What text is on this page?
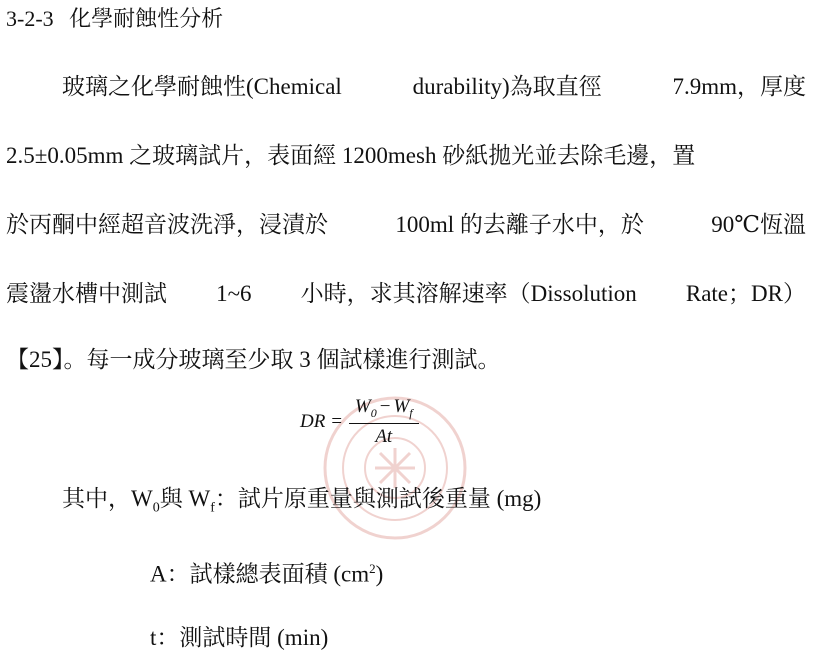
3-2-3 化學耐蝕性分析
玻璃之化學耐蝕性(Chemical	durability)為取直徑	7.9mm，厚度
2.5±0.05mm 之玻璃試片，表面經 1200mesh 砂紙拋光並去除毛邊，置
於丙酮中經超音波洗淨，浸漬於	100ml 的去離子水中，於	90℃恆溫
震盪水槽中測試 1~6 小時，求其溶解速率（Dissolution Rate；DR）
【25】。每一成分玻璃至少取 3 個試樣進行測試。
DR = $\frac{W_0 - W_f}{At}$
其中，$W_0$與 $W_f$：試片原重量與測試後重量 (mg)
A：試樣總表面積 $(cm^2)$
t：測試時間 (min)
